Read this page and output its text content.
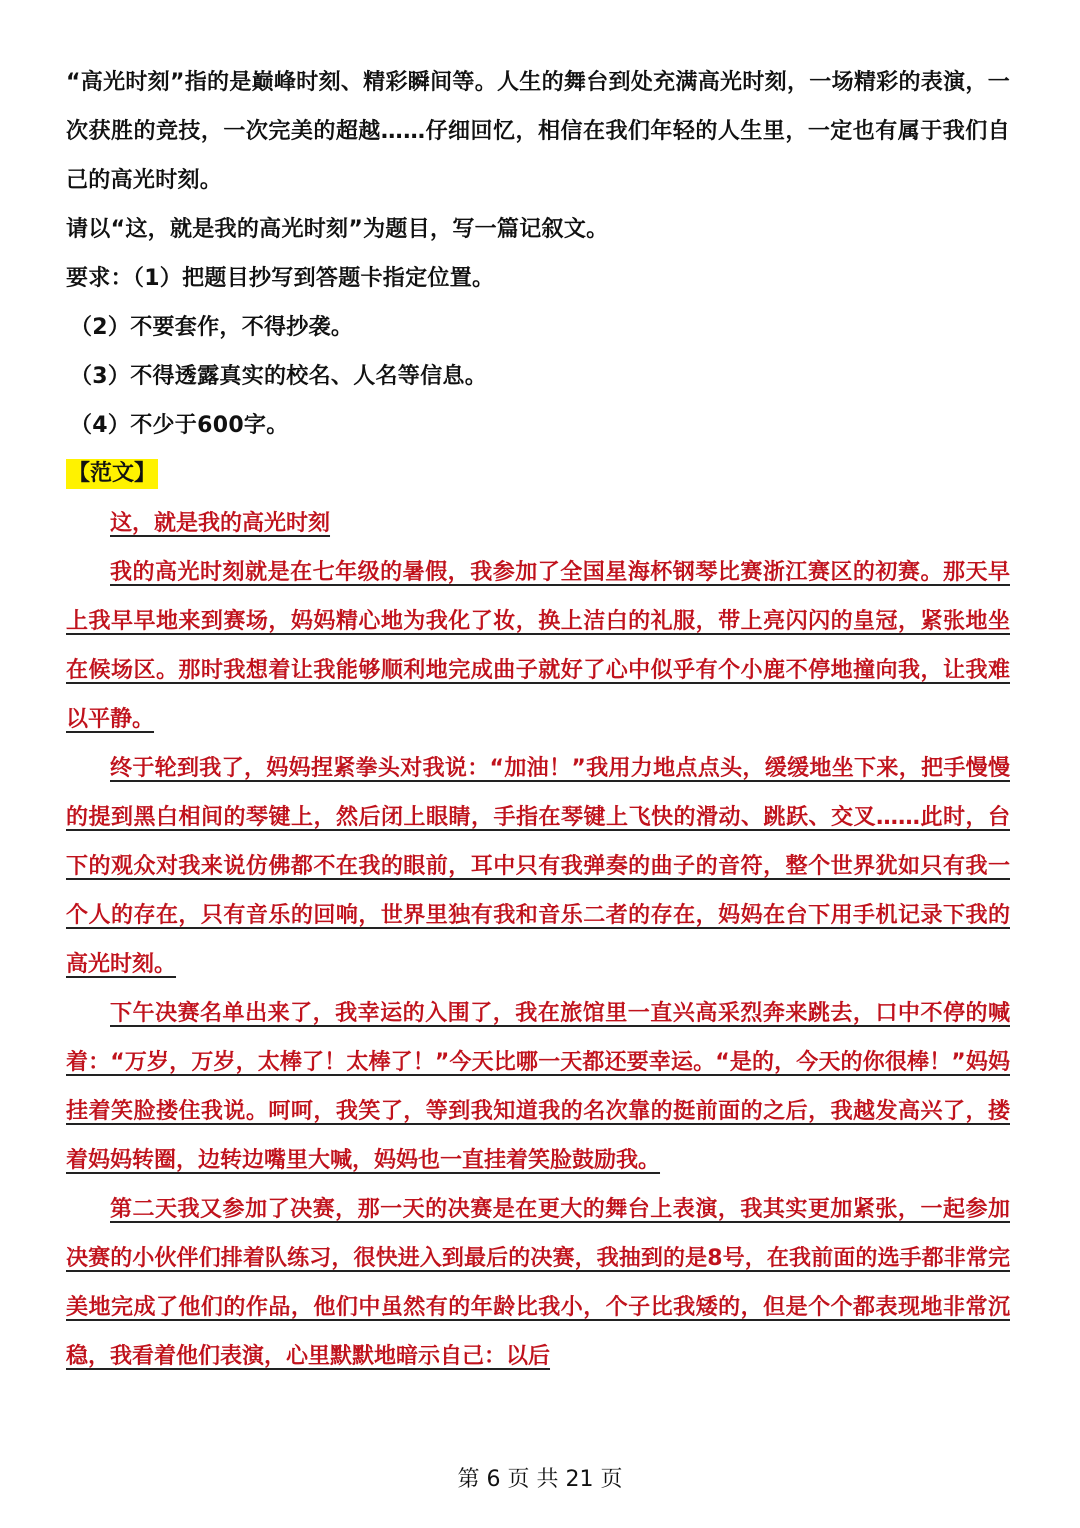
“高光时刻”指的是巅峰时刻、精彩瞬间等。人生的舞台到处充满高光时刻，一场精彩的表演，一次获胜的竞技，一次完美的超越……仔细回忆，相信在我们年轻的人生里，一定也有属于我们自己的高光时刻。

请以“这，就是我的高光时刻”为题目，写一篇记叙文。

要求：（1）把题目抄写到答题卡指定位置。

（2）不要套作，不得抄袭。

（3）不得透露真实的校名、人名等信息。

（4）不少于600字。

【范文】

这，就是我的高光时刻

我的高光时刻就是在七年级的暑假，我参加了全国星海杯钢琴比赛浙江赛区的初赛。那天早上我早早地来到赛场，妈妈精心地为我化了妆，换上洁白的礼服，带上亮闪闪的皇冠，紧张地坐在候场区。那时我想着让我能够顺利地完成曲子就好了心中似乎有个小鹿不停地撞向我，让我难以平静。

终于轮到我了，妈妈捏紧拳头对我说：“加油！”我用力地点点头，缓缓地坐下来，把手慢慢的提到黑白相间的琴键上，然后闭上眼睛，手指在琴键上飞快的滑动、跳跃、交叉……此时，台下的观众对我来说仿佛都不在我的眼前，耳中只有我弹奏的曲子的音符，整个世界犹如只有我一个人的存在，只有音乐的回响，世界里独有我和音乐二者的存在，妈妈在台下用手机记录下我的高光时刻。

下午决赛名单出来了，我幸运的入围了，我在旅馆里一直兴高采烈奔来跳去，口中不停的喊着：“万岁，万岁，太棒了！太棒了！”今天比哪一天都还要幸运。“是的，今天的你很棒！”妈妈挂着笑脸搂住我说。呵呵，我笑了，等到我知道我的名次靠的挺前面的之后，我越发高兴了，搂着妈妈转圈，边转边嘴里大喊，妈妈也一直挂着笑脸鼓励我。

第二天我又参加了决赛，那一天的决赛是在更大的舞台上表演，我其实更加紧张，一起参加决赛的小伙伴们排着队练习，很快进入到最后的决赛，我抽到的是8号，在我前面的选手都非常完美地完成了他们的作品，他们中虽然有的年龄比我小，个子比我矮的，但是个个都表现地非常沉稳，我看着他们表演，心里默默地暗示自己：以后

第 6 页 共 21 页
